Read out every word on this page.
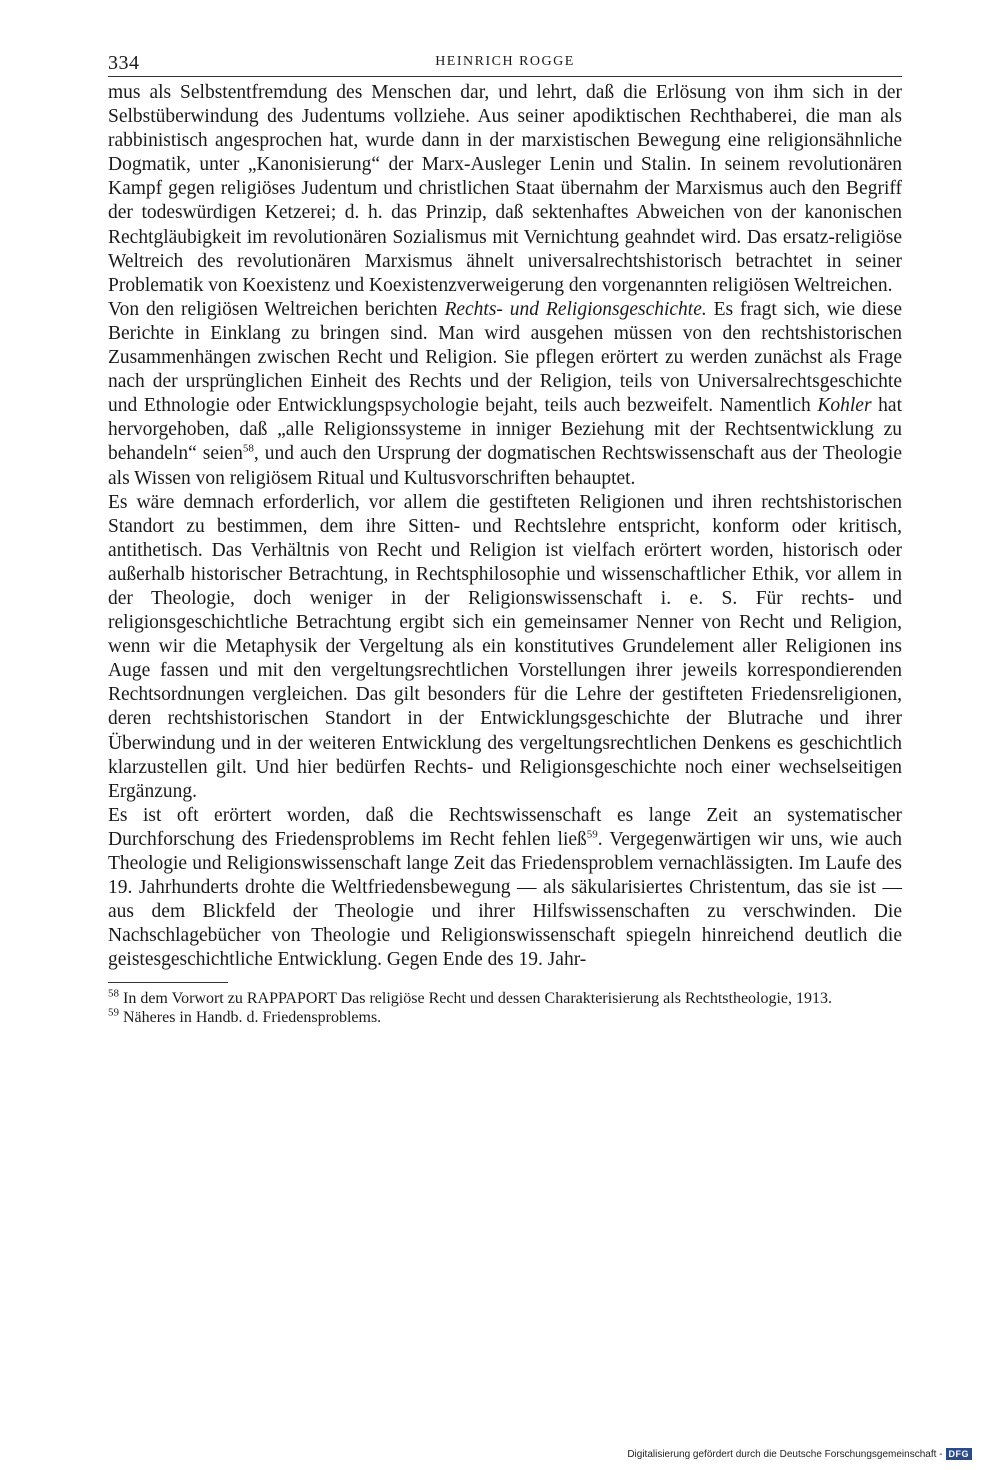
334	HEINRICH ROGGE

mus als Selbstentfremdung des Menschen dar, und lehrt, daß die Erlösung von ihm sich in der Selbstüberwindung des Judentums vollziehe. Aus seiner apodiktischen Rechthaberei, die man als rabbinistisch angesprochen hat, wurde dann in der marxistischen Bewegung eine religionsähnliche Dogmatik, unter „Kanonisierung“ der Marx-Ausleger Lenin und Stalin. In seinem revolutionären Kampf gegen religiöses Judentum und christlichen Staat übernahm der Marxismus auch den Begriff der todeswürdigen Ketzerei; d. h. das Prinzip, daß sektenhaftes Abweichen von der kanonischen Rechtgläubigkeit im revolutionären Sozialismus mit Vernichtung geahndet wird. Das ersatz-religiöse Weltreich des revolutionären Marxismus ähnelt universalrechtshistorisch betrachtet in seiner Problematik von Koexistenz und Koexistenzverweigerung den vorgenannten religiösen Weltreichen.

Von den religiösen Weltreichen berichten Rechts- und Religionsgeschichte. Es fragt sich, wie diese Berichte in Einklang zu bringen sind. Man wird ausgehen müssen von den rechtshistorischen Zusammenhängen zwischen Recht und Religion. Sie pflegen erörtert zu werden zunächst als Frage nach der ursprünglichen Einheit des Rechts und der Religion, teils von Universalrechtsgeschichte und Ethnologie oder Entwicklungspsychologie bejaht, teils auch bezweifelt. Namentlich Kohler hat hervorgehoben, daß „alle Religionssysteme in inniger Beziehung mit der Rechtsentwicklung zu behandeln“ seien$^{58}$, und auch den Ursprung der dogmatischen Rechtswissenschaft aus der Theologie als Wissen von religiösem Ritual und Kultusvorschriften behauptet.

Es wäre demnach erforderlich, vor allem die gestifteten Religionen und ihren rechtshistorischen Standort zu bestimmen, dem ihre Sitten- und Rechtslehre entspricht, konform oder kritisch, antithetisch. Das Verhältnis von Recht und Religion ist vielfach erörtert worden, historisch oder außerhalb historischer Betrachtung, in Rechtsphilosophie und wissenschaftlicher Ethik, vor allem in der Theologie, doch weniger in der Religionswissenschaft i. e. S. Für rechts- und religionsgeschichtliche Betrachtung ergibt sich ein gemeinsamer Nenner von Recht und Religion, wenn wir die Metaphysik der Vergeltung als ein konstitutives Grundelement aller Religionen ins Auge fassen und mit den vergeltungsrechtlichen Vorstellungen ihrer jeweils korrespondierenden Rechtsordnungen vergleichen. Das gilt besonders für die Lehre der gestifteten Friedensreligionen, deren rechtshistorischen Standort in der Entwicklungsgeschichte der Blutrache und ihrer Überwindung und in der weiteren Entwicklung des vergeltungsrechtlichen Denkens es geschichtlich klarzustellen gilt. Und hier bedürfen Rechts- und Religionsgeschichte noch einer wechselseitigen Ergänzung.

Es ist oft erörtert worden, daß die Rechtswissenschaft es lange Zeit an systematischer Durchforschung des Friedensproblems im Recht fehlen ließ$^{59}$. Vergegenwärtigen wir uns, wie auch Theologie und Religionswissenschaft lange Zeit das Friedensproblem vernachlässigten. Im Laufe des 19. Jahrhunderts drohte die Weltfriedensbewegung — als säkularisiertes Christentum, das sie ist — aus dem Blickfeld der Theologie und ihrer Hilfswissenschaften zu verschwinden. Die Nachschlagebücher von Theologie und Religionswissenschaft spiegeln hinreichend deutlich die geistesgeschichtliche Entwicklung. Gegen Ende des 19. Jahr-

$^{58}$ In dem Vorwort zu RAPPAPORT Das religiöse Recht und dessen Charakterisierung als Rechtstheologie, 1913.

$^{59}$ Näheres in Handb. d. Friedensproblems.

Digitalisierung gefördert durch die Deutsche Forschungsgemeinschaft - DFG
